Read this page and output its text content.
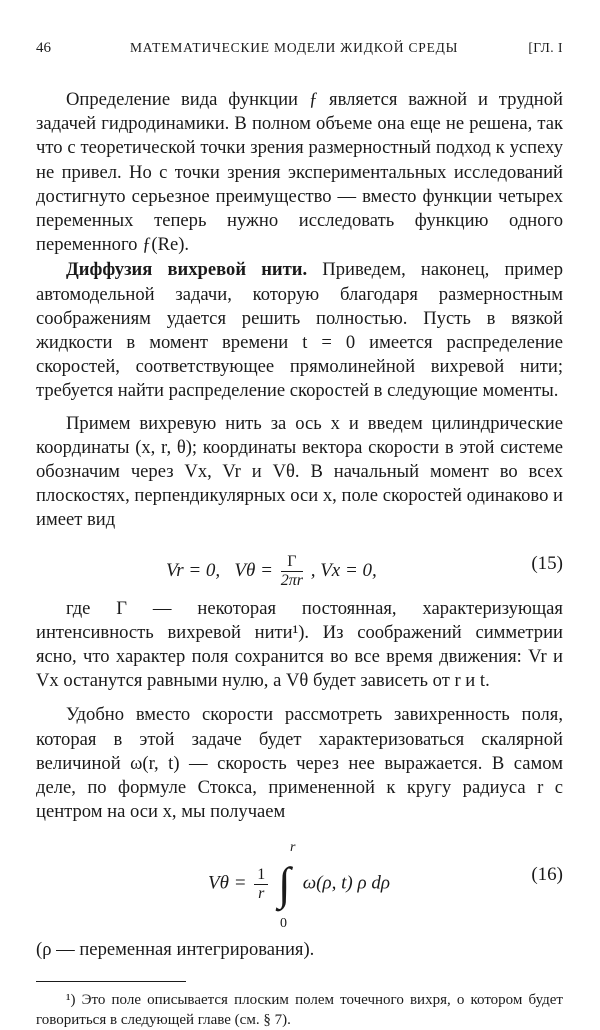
46	МАТЕМАТИЧЕСКИЕ МОДЕЛИ ЖИДКОЙ СРЕДЫ	[ГЛ. I

Определение вида функции ƒ является важной и трудной задачей гидродинамики. В полном объеме она еще не решена, так что с теоретической точки зрения размерностный подход к успеху не привел. Но с точки зрения экспериментальных исследований достигнуто серьезное преимущество — вместо функции четырех переменных теперь нужно исследовать функцию одного переменного ƒ(Re).

Диффузия вихревой нити. Приведем, наконец, пример автомодельной задачи, которую благодаря размерностным соображениям удается решить полностью. Пусть в вязкой жидкости в момент времени t = 0 имеется распределение скоростей, соответствующее прямолинейной вихревой нити; требуется найти распределение скоростей в следующие моменты.

Примем вихревую нить за ось x и введем цилиндрические координаты (x, r, θ); координаты вектора скорости в этой системе обозначим через Vx, Vr и Vθ. В начальный момент во всех плоскостях, перпендикулярных оси x, поле скоростей одинаково и имеет вид

Vr = 0, $V\theta = \frac{\Gamma}{2\pi r}$ , Vx = 0,	(15)

где Γ — некоторая постоянная, характеризующая интенсивность вихревой нити¹). Из соображений симметрии ясно, что характер поля сохранится во все время движения: Vr и Vx останутся равными нулю, а Vθ будет зависеть от r и t.

Удобно вместо скорости рассмотреть завихренность поля, которая в этой задаче будет характеризоваться скалярной величиной ω(r, t) — скорость через нее выражается. В самом деле, по формуле Стокса, примененной к кругу радиуса r с центром на оси x, мы получаем

$V\theta = \frac{1}{r}$
∫
r
0
ω(ρ, t) ρ dρ	(16)

(ρ — переменная интегрирования).

¹) Это поле описывается плоским полем точечного вихря, о котором будет говориться в следующей главе (см. § 7).
